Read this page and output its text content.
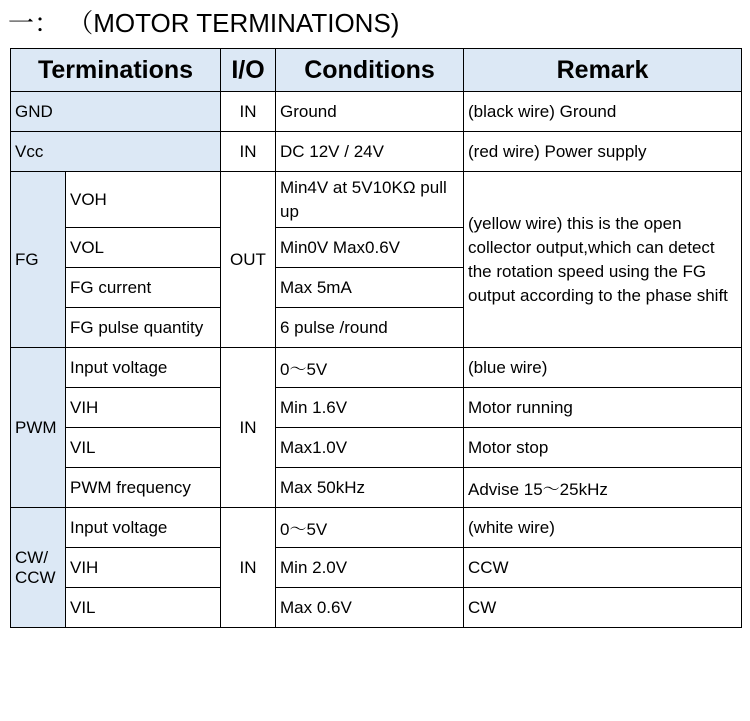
一： （MOTOR TERMINATIONS)
Terminations		I/O	Conditions	Remark
GND		IN	Ground	(black wire) Ground
Vcc		IN	DC 12V / 24V	(red wire) Power supply
FG	VOH	OUT	Min4V at 5V10KΩ pull up	(yellow wire) this is the open collector output,which can detect the rotation speed using the FG output according to the phase shift
	VOL		Min0V Max0.6V	
	FG current		Max 5mA	
	FG pulse quantity		6 pulse /round	
PWM	Input voltage	IN	0～5V	(blue wire)
	VIH		Min 1.6V	Motor running
	VIL		Max1.0V	Motor stop
	PWM frequency		Max 50kHz	Advise 15～25kHz
CW/ CCW	Input voltage	IN	0～5V	(white wire)
	VIH		Min 2.0V	CCW
	VIL		Max 0.6V	CW
